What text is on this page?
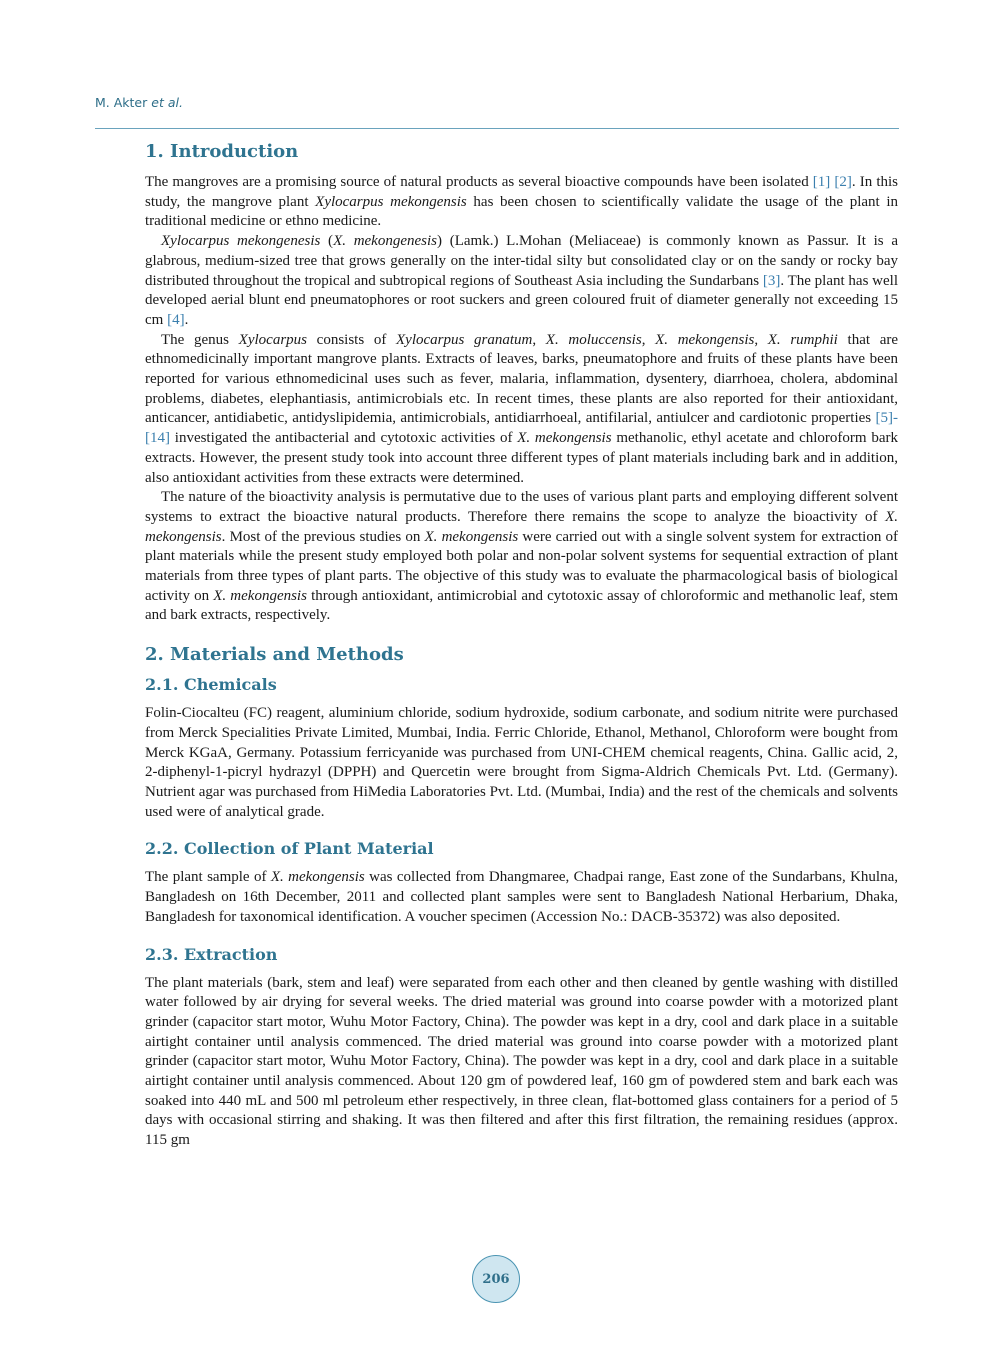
M. Akter et al.
1. Introduction

The mangroves are a promising source of natural products as several bioactive compounds have been isolated [1] [2]. In this study, the mangrove plant Xylocarpus mekongensis has been chosen to scientifically validate the usage of the plant in traditional medicine or ethno medicine.

Xylocarpus mekongenesis (X. mekongenesis) (Lamk.) L.Mohan (Meliaceae) is commonly known as Passur. It is a glabrous, medium-sized tree that grows generally on the inter-tidal silty but consolidated clay or on the sandy or rocky bay distributed throughout the tropical and subtropical regions of Southeast Asia including the Sundarbans [3]. The plant has well developed aerial blunt end pneumatophores or root suckers and green coloured fruit of diameter generally not exceeding 15 cm [4].

The genus Xylocarpus consists of Xylocarpus granatum, X. moluccensis, X. mekongensis, X. rumphii that are ethnomedicinally important mangrove plants. Extracts of leaves, barks, pneumatophore and fruits of these plants have been reported for various ethnomedicinal uses such as fever, malaria, inflammation, dysentery, diarrhoea, cholera, abdominal problems, diabetes, elephantiasis, antimicrobials etc. In recent times, these plants are also reported for their antioxidant, anticancer, antidiabetic, antidyslipidemia, antimicrobials, antidiarrhoeal, antifilarial, antiulcer and cardiotonic properties [5]-[14] investigated the antibacterial and cytotoxic activities of X. mekongensis methanolic, ethyl acetate and chloroform bark extracts. However, the present study took into account three different types of plant materials including bark and in addition, also antioxidant activities from these extracts were determined.

The nature of the bioactivity analysis is permutative due to the uses of various plant parts and employing different solvent systems to extract the bioactive natural products. Therefore there remains the scope to analyze the bioactivity of X. mekongensis. Most of the previous studies on X. mekongensis were carried out with a single solvent system for extraction of plant materials while the present study employed both polar and non-polar solvent systems for sequential extraction of plant materials from three types of plant parts. The objective of this study was to evaluate the pharmacological basis of biological activity on X. mekongensis through antioxidant, antimicrobial and cytotoxic assay of chloroformic and methanolic leaf, stem and bark extracts, respectively.

2. Materials and Methods
2.1. Chemicals

Folin-Ciocalteu (FC) reagent, aluminium chloride, sodium hydroxide, sodium carbonate, and sodium nitrite were purchased from Merck Specialities Private Limited, Mumbai, India. Ferric Chloride, Ethanol, Methanol, Chloroform were bought from Merck KGaA, Germany. Potassium ferricyanide was purchased from UNI-CHEM chemical reagents, China. Gallic acid, 2, 2-diphenyl-1-picryl hydrazyl (DPPH) and Quercetin were brought from Sigma-Aldrich Chemicals Pvt. Ltd. (Germany). Nutrient agar was purchased from HiMedia Laboratories Pvt. Ltd. (Mumbai, India) and the rest of the chemicals and solvents used were of analytical grade.

2.2. Collection of Plant Material

The plant sample of X. mekongensis was collected from Dhangmaree, Chadpai range, East zone of the Sundarbans, Khulna, Bangladesh on 16th December, 2011 and collected plant samples were sent to Bangladesh National Herbarium, Dhaka, Bangladesh for taxonomical identification. A voucher specimen (Accession No.: DACB-35372) was also deposited.

2.3. Extraction

The plant materials (bark, stem and leaf) were separated from each other and then cleaned by gentle washing with distilled water followed by air drying for several weeks. The dried material was ground into coarse powder with a motorized plant grinder (capacitor start motor, Wuhu Motor Factory, China). The powder was kept in a dry, cool and dark place in a suitable airtight container until analysis commenced. The dried material was ground into coarse powder with a motorized plant grinder (capacitor start motor, Wuhu Motor Factory, China). The powder was kept in a dry, cool and dark place in a suitable airtight container until analysis commenced. About 120 gm of powdered leaf, 160 gm of powdered stem and bark each was soaked into 440 mL and 500 ml petroleum ether respectively, in three clean, flat-bottomed glass containers for a period of 5 days with occasional stirring and shaking. It was then filtered and after this first filtration, the remaining residues (approx. 115 gm

206
